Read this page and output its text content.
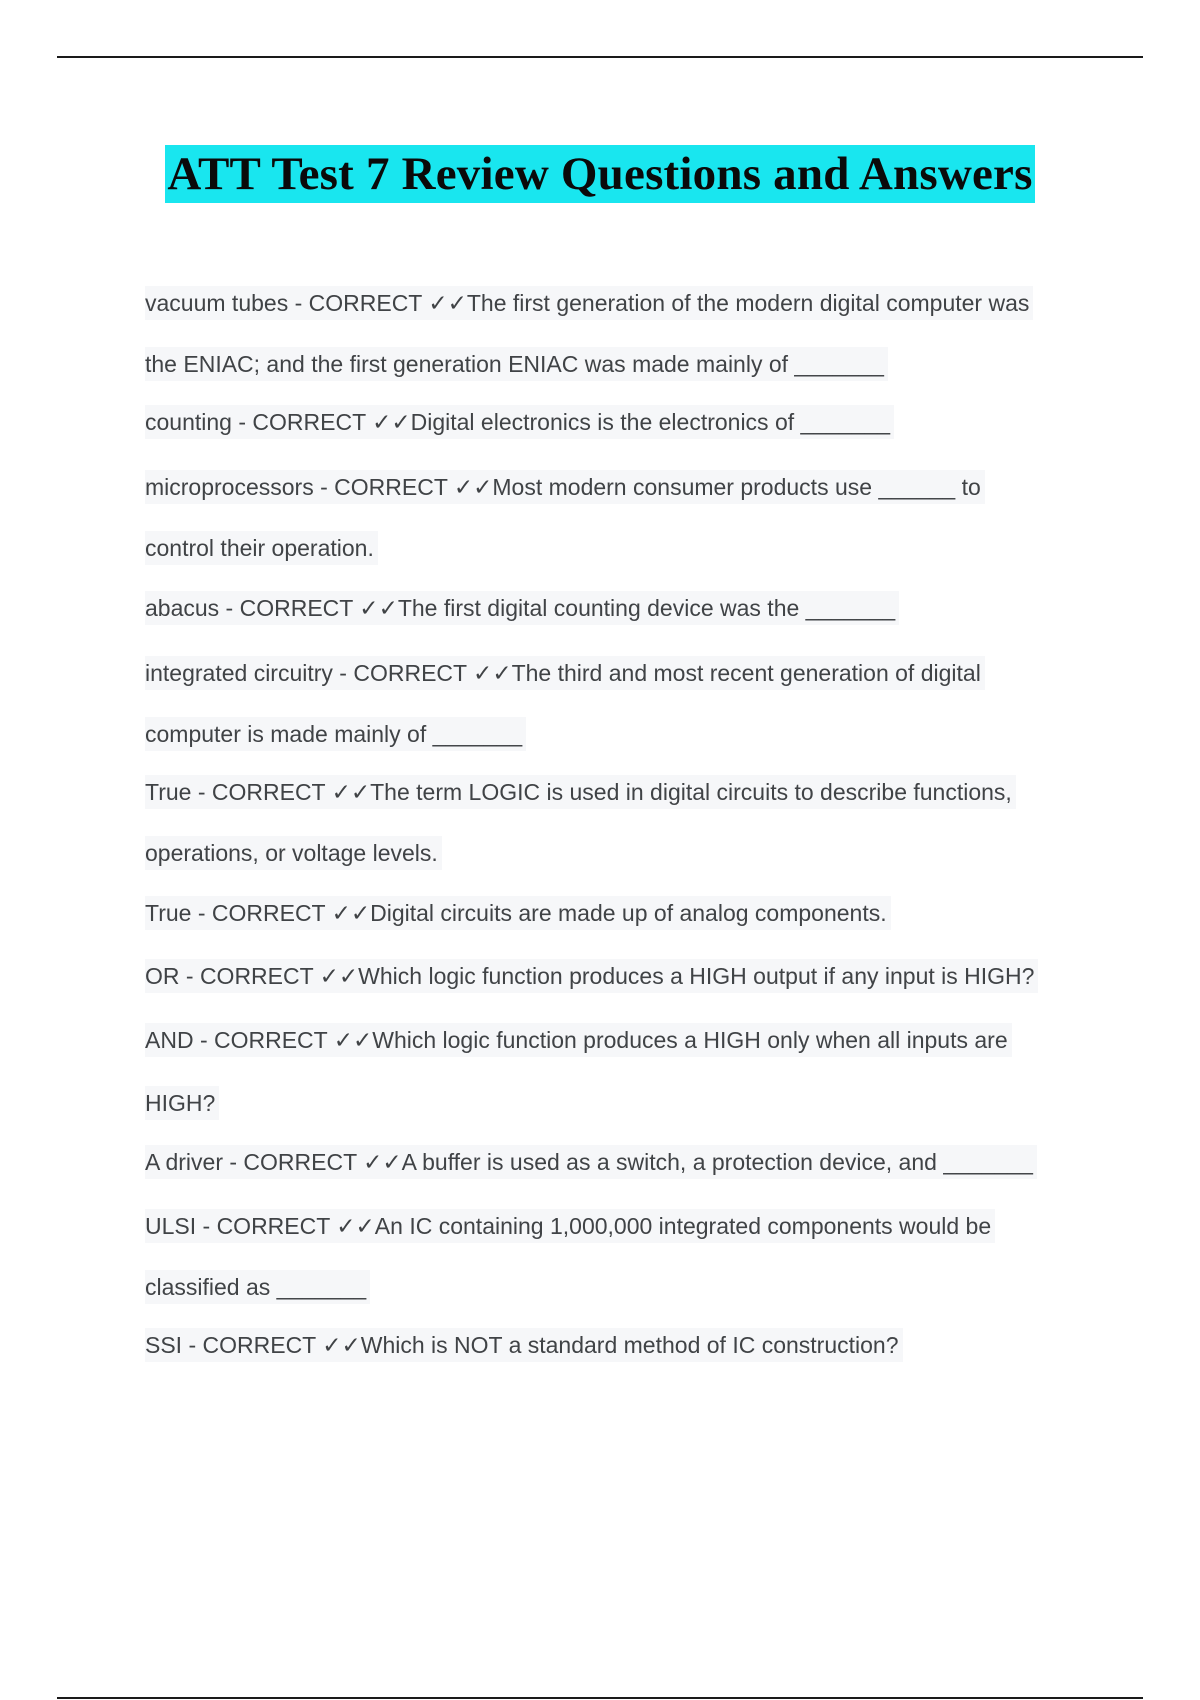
ATT Test 7 Review Questions and Answers
vacuum tubes - CORRECT ✓✓The first generation of the modern digital computer was
the ENIAC; and the first generation ENIAC was made mainly of _______
counting - CORRECT ✓✓Digital electronics is the electronics of _______
microprocessors - CORRECT ✓✓Most modern consumer products use ______ to
control their operation.
abacus - CORRECT ✓✓The first digital counting device was the _______
integrated circuitry - CORRECT ✓✓The third and most recent generation of digital
computer is made mainly of _______
True - CORRECT ✓✓The term LOGIC is used in digital circuits to describe functions,
operations, or voltage levels.
True - CORRECT ✓✓Digital circuits are made up of analog components.
OR - CORRECT ✓✓Which logic function produces a HIGH output if any input is HIGH?
AND - CORRECT ✓✓Which logic function produces a HIGH only when all inputs are
HIGH?
A driver - CORRECT ✓✓A buffer is used as a switch, a protection device, and _______
ULSI - CORRECT ✓✓An IC containing 1,000,000 integrated components would be
classified as _______
SSI - CORRECT ✓✓Which is NOT a standard method of IC construction?
